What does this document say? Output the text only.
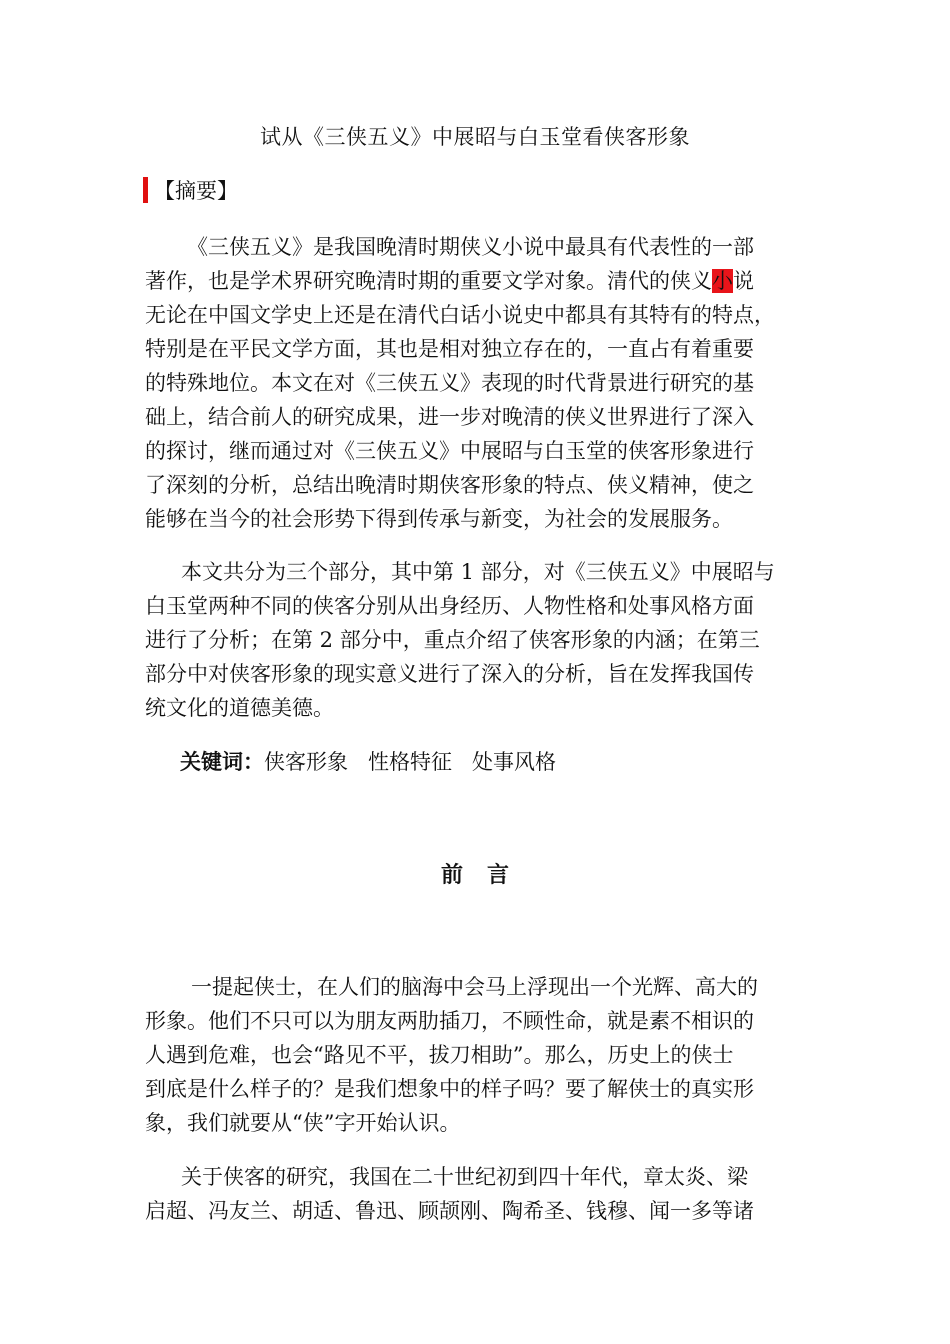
试从《三侠五义》中展昭与白玉堂看侠客形象
【摘要】
《三侠五义》是我国晚清时期侠义小说中最具有代表性的一部
著作，也是学术界研究晚清时期的重要文学对象。清代的侠义小说
无论在中国文学史上还是在清代白话小说史中都具有其特有的特点，
特别是在平民文学方面，其也是相对独立存在的，一直占有着重要
的特殊地位。本文在对《三侠五义》表现的时代背景进行研究的基
础上，结合前人的研究成果，进一步对晚清的侠义世界进行了深入
的探讨，继而通过对《三侠五义》中展昭与白玉堂的侠客形象进行
了深刻的分析，总结出晚清时期侠客形象的特点、侠义精神，使之
能够在当今的社会形势下得到传承与新变，为社会的发展服务。
本文共分为三个部分，其中第 1 部分，对《三侠五义》中展昭与
白玉堂两种不同的侠客分别从出身经历、人物性格和处事风格方面
进行了分析；在第 2 部分中，重点介绍了侠客形象的内涵；在第三
部分中对侠客形象的现实意义进行了深入的分析，旨在发挥我国传
统文化的道德美德。
关键词：侠客形象 性格特征 处事风格
前言
一提起侠士，在人们的脑海中会马上浮现出一个光辉、高大的
形象。他们不只可以为朋友两肋插刀，不顾性命，就是素不相识的
人遇到危难，也会“路见不平，拔刀相助”。那么，历史上的侠士
到底是什么样子的？是我们想象中的样子吗？要了解侠士的真实形
象，我们就要从“侠”字开始认识。
关于侠客的研究，我国在二十世纪初到四十年代，章太炎、梁
启超、冯友兰、胡适、鲁迅、顾颉刚、陶希圣、钱穆、闻一多等诸
